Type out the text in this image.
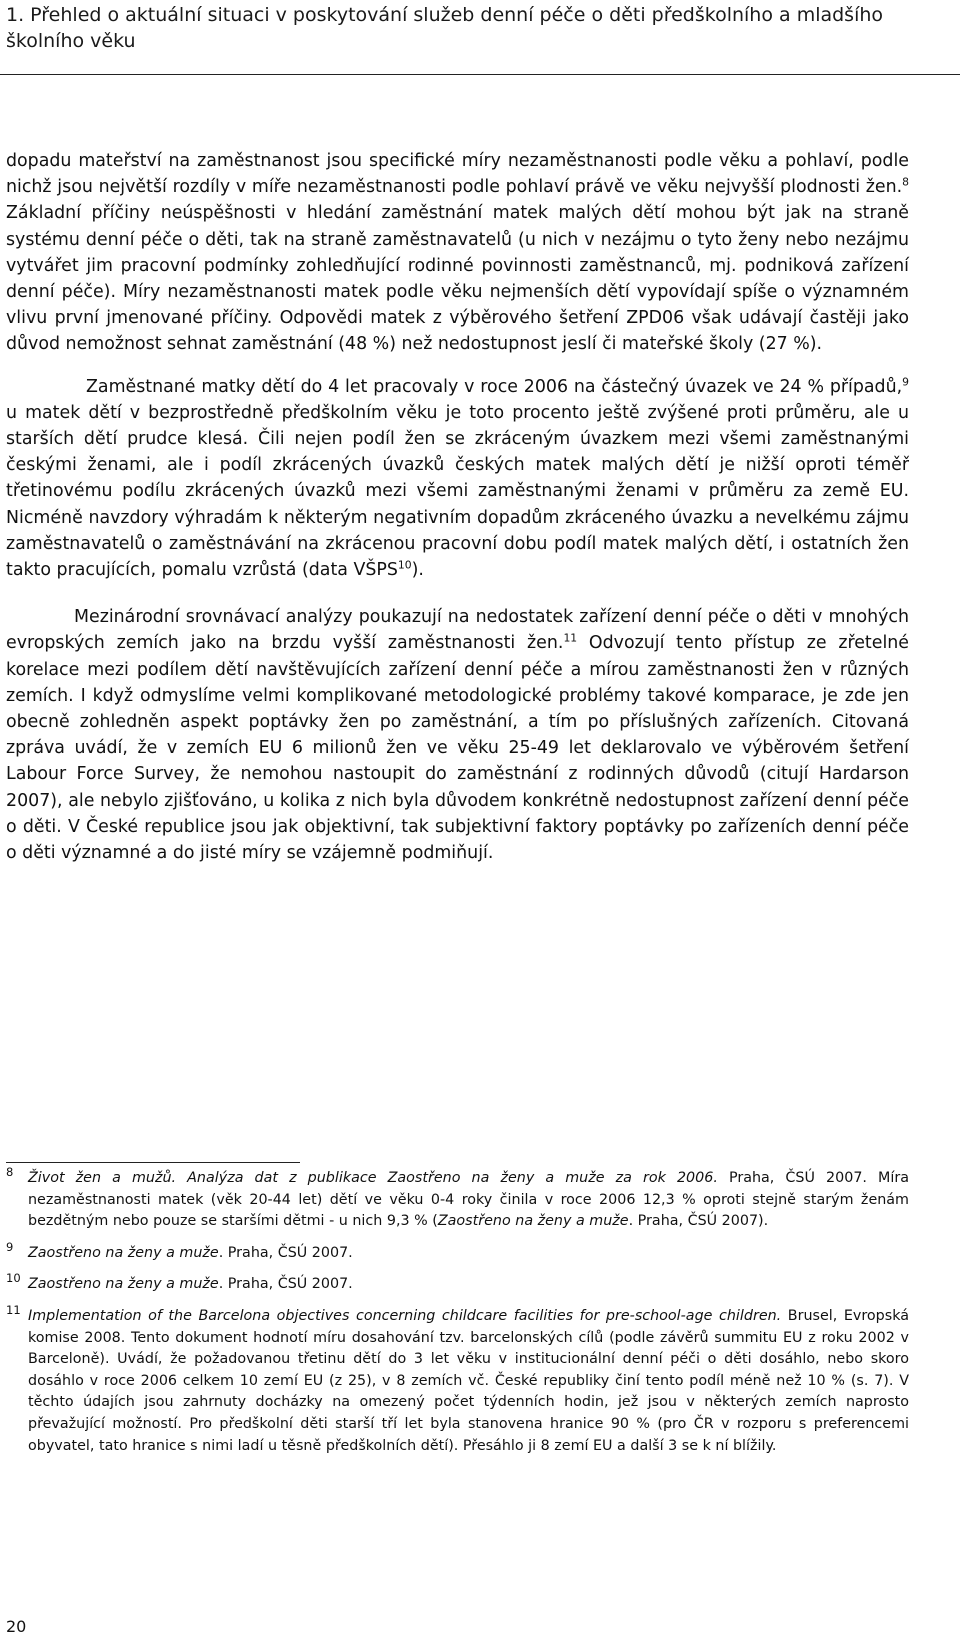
1. Přehled o aktuální situaci v poskytování služeb denní péče o děti předškolního a mladšího školního věku

dopadu mateřství na zaměstnanost jsou specifické míry nezaměstnanosti podle věku a pohlaví, podle nichž jsou největší rozdíly v míře nezaměstnanosti podle pohlaví právě ve věku nejvyšší plodnosti žen.$^8$ Základní příčiny neúspěšnosti v hledání zaměstnání matek malých dětí mohou být jak na straně systému denní péče o děti, tak na straně zaměstnavatelů (u nich v nezájmu o tyto ženy nebo nezájmu vytvářet jim pracovní podmínky zohledňující rodinné povinnosti zaměstnanců, mj. podniková zařízení denní péče). Míry nezaměstnanosti matek podle věku nejmenších dětí vypovídají spíše o významném vlivu první jmenované příčiny. Odpovědi matek z výběrového šetření ZPD06 však udávají častěji jako důvod nemožnost sehnat zaměstnání (48 %) než nedostupnost jeslí či mateřské školy (27 %).

Zaměstnané matky dětí do 4 let pracovaly v roce 2006 na částečný úvazek ve 24 % případů,$^9$ u matek dětí v bezprostředně předškolním věku je toto procento ještě zvýšené proti průměru, ale u starších dětí prudce klesá. Čili nejen podíl žen se zkráceným úvazkem mezi všemi zaměstnanými českými ženami, ale i podíl zkrácených úvazků českých matek malých dětí je nižší oproti téměř třetinovému podílu zkrácených úvazků mezi všemi zaměstnanými ženami v průměru za země EU. Nicméně navzdory výhradám k některým negativním dopadům zkráceného úvazku a nevelkému zájmu zaměstnavatelů o zaměstnávání na zkrácenou pracovní dobu podíl matek malých dětí, i ostatních žen takto pracujících, pomalu vzrůstá (data VŠPS$^{10}$).

Mezinárodní srovnávací analýzy poukazují na nedostatek zařízení denní péče o děti v mnohých evropských zemích jako na brzdu vyšší zaměstnanosti žen.$^{11}$ Odvozují tento přístup ze zřetelné korelace mezi podílem dětí navštěvujících zařízení denní péče a mírou zaměstnanosti žen v různých zemích. I když odmyslíme velmi komplikované metodologické problémy takové komparace, je zde jen obecně zohledněn aspekt poptávky žen po zaměstnání, a tím po příslušných zařízeních. Citovaná zpráva uvádí, že v zemích EU 6 milionů žen ve věku 25-49 let deklarovalo ve výběrovém šetření Labour Force Survey, že nemohou nastoupit do zaměstnání z rodinných důvodů (citují Hardarson 2007), ale nebylo zjišťováno, u kolika z nich byla důvodem konkrétně nedostupnost zařízení denní péče o děti. V České republice jsou jak objektivní, tak subjektivní faktory poptávky po zařízeních denní péče o děti významné a do jisté míry se vzájemně podmiňují.

8 Život žen a mužů. Analýza dat z publikace Zaostřeno na ženy a muže za rok 2006. Praha, ČSÚ 2007. Míra nezaměstnanosti matek (věk 20-44 let) dětí ve věku 0-4 roky činila v roce 2006 12,3 % oproti stejně starým ženám bezdětným nebo pouze se staršími dětmi - u nich 9,3 % (Zaostřeno na ženy a muže. Praha, ČSÚ 2007).
9 Zaostřeno na ženy a muže. Praha, ČSÚ 2007.
10 Zaostřeno na ženy a muže. Praha, ČSÚ 2007.
11 Implementation of the Barcelona objectives concerning childcare facilities for pre-school-age children. Brusel, Evropská komise 2008. Tento dokument hodnotí míru dosahování tzv. barcelonských cílů (podle závěrů summitu EU z roku 2002 v Barceloně). Uvádí, že požadovanou třetinu dětí do 3 let věku v institucionální denní péči o děti dosáhlo, nebo skoro dosáhlo v roce 2006 celkem 10 zemí EU (z 25), v 8 zemích vč. České republiky činí tento podíl méně než 10 % (s. 7). V těchto údajích jsou zahrnuty docházky na omezený počet týdenních hodin, jež jsou v některých zemích naprosto převažující možností. Pro předškolní děti starší tří let byla stanovena hranice 90 % (pro ČR v rozporu s preferencemi obyvatel, tato hranice s nimi ladí u těsně předškolních dětí). Přesáhlo ji 8 zemí EU a další 3 se k ní blížily.
20
